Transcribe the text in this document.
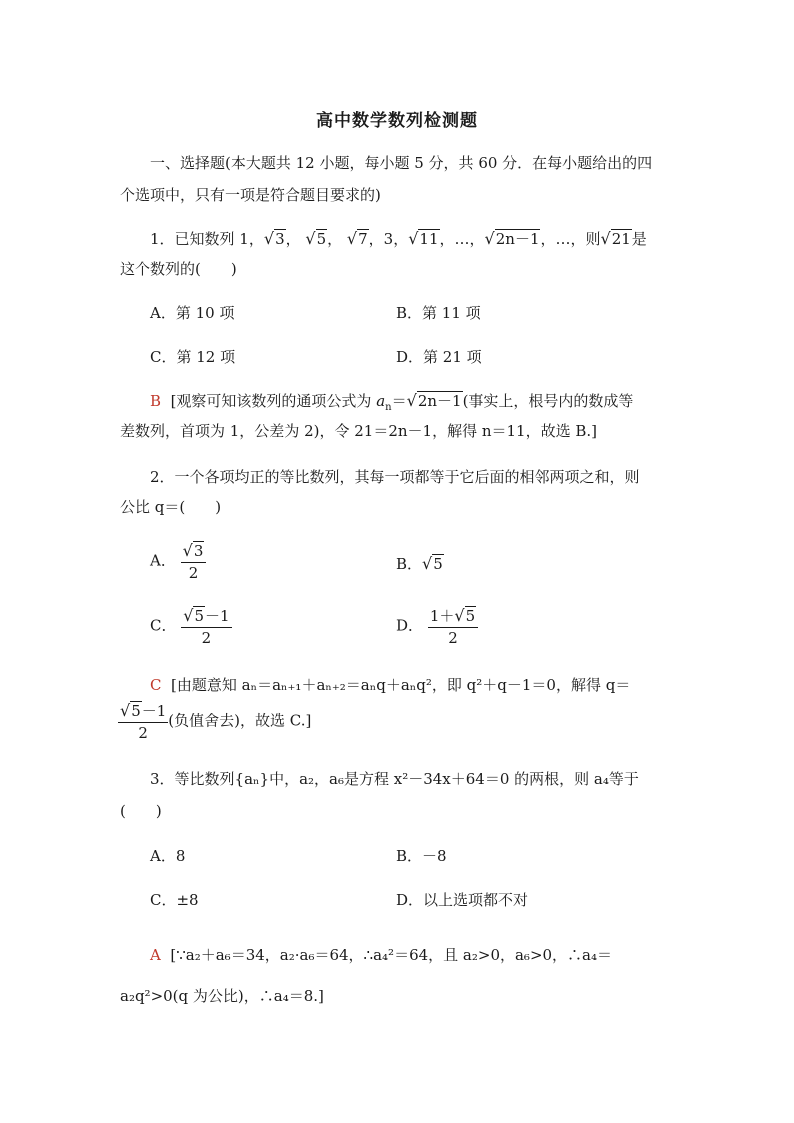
高中数学数列检测题
一、选择题(本大题共 12 小题，每小题 5 分，共 60 分．在每小题给出的四
个选项中，只有一项是符合题目要求的)
1．已知数列 1，√3， √5， √7，3，√11，…，√2n－1，…，则√21是
这个数列的(　　)
A．第 10 项	B．第 11 项
C．第 12 项	D．第 21 项
B [观察可知该数列的通项公式为 $a_n=√2n-1$(事实上，根号内的数成等
差数列，首项为 1，公差为 2)，令 21＝2n－1，解得 n＝11，故选 B.]
2．一个各项均正的等比数列，其每一项都等于它后面的相邻两项之和，则
公比 q＝(　　)
A． $\frac{√3}{2}$	B．√5
C． $\frac{√5-1}{2}$	D． $\frac{1+√5}{2}$
C [由题意知 aₙ＝aₙ₊₁＋aₙ₊₂＝aₙq＋aₙq²，即 q²＋q－1＝0，解得 q＝
$\frac{√5-1}{2}$ (负值舍去)，故选 C.]
3．等比数列{aₙ}中，a₂，a₆是方程 x²－34x＋64＝0 的两根，则 a₄等于
(　　)
A．8	B．－8
C．±8	D．以上选项都不对
A [∵a₂＋a₆＝34，a₂·a₆＝64，∴a₄²＝64，且 a₂>0，a₆>0，∴a₄＝
a₂q²>0(q 为公比)，∴a₄＝8.]
